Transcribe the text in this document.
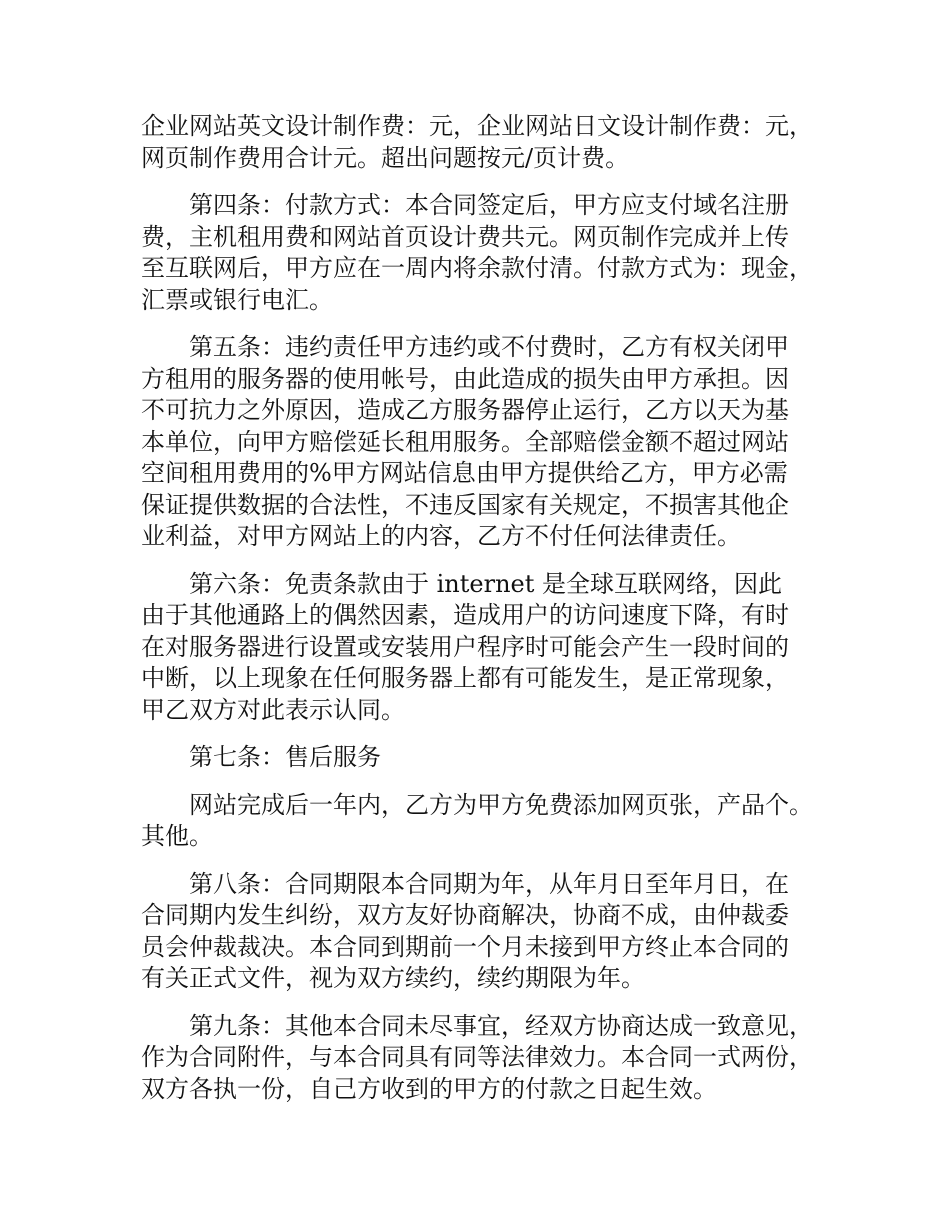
企业网站英文设计制作费：元，企业网站日文设计制作费：元，
网页制作费用合计元。超出问题按元/页计费。

第四条：付款方式：本合同签定后，甲方应支付域名注册
费，主机租用费和网站首页设计费共元。网页制作完成并上传
至互联网后，甲方应在一周内将余款付清。付款方式为：现金，
汇票或银行电汇。

第五条：违约责任甲方违约或不付费时，乙方有权关闭甲
方租用的服务器的使用帐号，由此造成的损失由甲方承担。因
不可抗力之外原因，造成乙方服务器停止运行，乙方以天为基
本单位，向甲方赔偿延长租用服务。全部赔偿金额不超过网站
空间租用费用的%甲方网站信息由甲方提供给乙方，甲方必需
保证提供数据的合法性，不违反国家有关规定，不损害其他企
业利益，对甲方网站上的内容，乙方不付任何法律责任。

第六条：免责条款由于 internet 是全球互联网络，因此
由于其他通路上的偶然因素，造成用户的访问速度下降，有时
在对服务器进行设置或安装用户程序时可能会产生一段时间的
中断，以上现象在任何服务器上都有可能发生，是正常现象，
甲乙双方对此表示认同。

第七条：售后服务

网站完成后一年内，乙方为甲方免费添加网页张，产品个。
其他。

第八条：合同期限本合同期为年，从年月日至年月日，在
合同期内发生纠纷，双方友好协商解决，协商不成，由仲裁委
员会仲裁裁决。本合同到期前一个月未接到甲方终止本合同的
有关正式文件，视为双方续约，续约期限为年。

第九条：其他本合同未尽事宜，经双方协商达成一致意见，
作为合同附件，与本合同具有同等法律效力。本合同一式两份，
双方各执一份，自己方收到的甲方的付款之日起生效。
